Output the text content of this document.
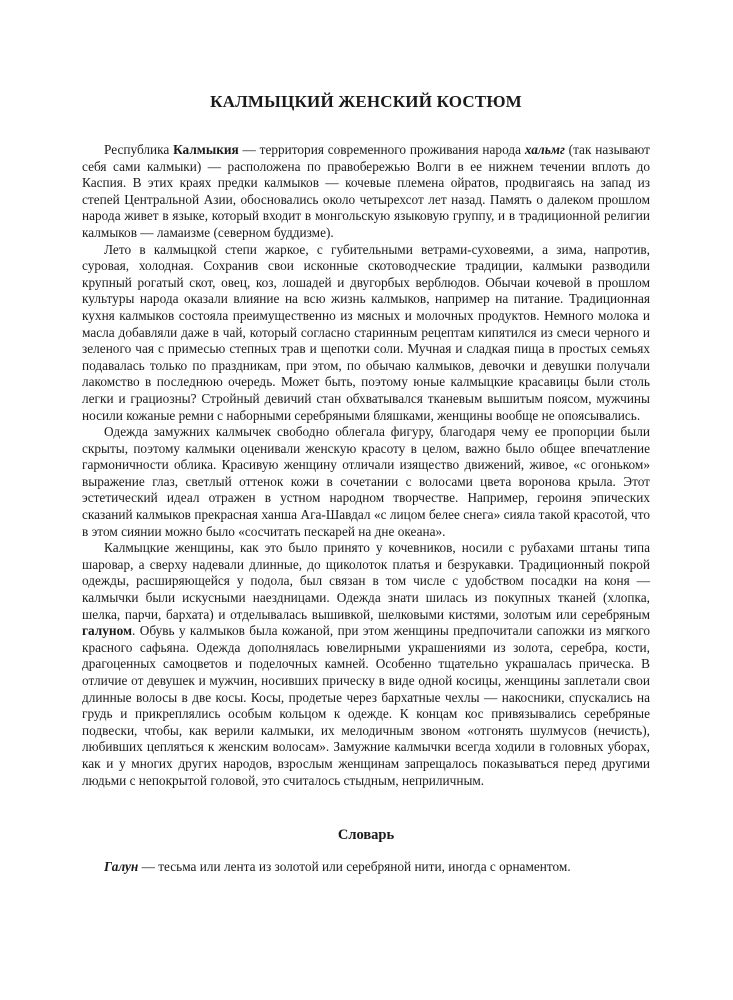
КАЛМЫЦКИЙ ЖЕНСКИЙ КОСТЮМ

Республика Калмыкия — территория современного проживания народа хальмг (так называют себя сами калмыки) — расположена по правобережью Волги в ее нижнем течении вплоть до Каспия. В этих краях предки калмыков — кочевые племена ойратов, продвигаясь на запад из степей Центральной Азии, обосновались около четырехсот лет назад. Память о далеком прошлом народа живет в языке, который входит в монгольскую языковую группу, и в традиционной религии калмыков — ламаизме (северном буддизме).

Лето в калмыцкой степи жаркое, с губительными ветрами-суховеями, а зима, напротив, суровая, холодная. Сохранив свои исконные скотоводческие традиции, калмыки разводили крупный рогатый скот, овец, коз, лошадей и двугорбых верблюдов. Обычаи кочевой в прошлом культуры народа оказали влияние на всю жизнь калмыков, например на питание. Традиционная кухня калмыков состояла преимущественно из мясных и молочных продуктов. Немного молока и масла добавляли даже в чай, который согласно старинным рецептам кипятился из смеси черного и зеленого чая с примесью степных трав и щепотки соли. Мучная и сладкая пища в простых семьях подавалась только по праздникам, при этом, по обычаю калмыков, девочки и девушки получали лакомство в последнюю очередь. Может быть, поэтому юные калмыцкие красавицы были столь легки и грациозны? Стройный девичий стан обхватывался тканевым вышитым поясом, мужчины носили кожаные ремни с наборными серебряными бляшками, женщины вообще не опоясывались.

Одежда замужних калмычек свободно облегала фигуру, благодаря чему ее пропорции были скрыты, поэтому калмыки оценивали женскую красоту в целом, важно было общее впечатление гармоничности облика. Красивую женщину отличали изящество движений, живое, «с огоньком» выражение глаз, светлый оттенок кожи в сочетании с волосами цвета воронова крыла. Этот эстетический идеал отражен в устном народном творчестве. Например, героиня эпических сказаний калмыков прекрасная ханша Ага-Шавдал «с лицом белее снега» сияла такой красотой, что в этом сиянии можно было «сосчитать пескарей на дне океана».

Калмыцкие женщины, как это было принято у кочевников, носили с рубахами штаны типа шаровар, а сверху надевали длинные, до щиколоток платья и безрукавки. Традиционный покрой одежды, расширяющейся у подола, был связан в том числе с удобством посадки на коня — калмычки были искусными наездницами. Одежда знати шилась из покупных тканей (хлопка, шелка, парчи, бархата) и отделывалась вышивкой, шелковыми кистями, золотым или серебряным галуном. Обувь у калмыков была кожаной, при этом женщины предпочитали сапожки из мягкого красного сафьяна. Одежда дополнялась ювелирными украшениями из золота, серебра, кости, драгоценных самоцветов и поделочных камней. Особенно тщательно украшалась прическа. В отличие от девушек и мужчин, носивших прическу в виде одной косицы, женщины заплетали свои длинные волосы в две косы. Косы, продетые через бархатные чехлы — накосники, спускались на грудь и прикреплялись особым кольцом к одежде. К концам кос привязывались серебряные подвески, чтобы, как верили калмыки, их мелодичным звоном «отгонять шулмусов (нечисть), любивших цепляться к женским волосам». Замужние калмычки всегда ходили в головных уборах, как и у многих других народов, взрослым женщинам запрещалось показываться перед другими людьми с непокрытой головой, это считалось стыдным, неприличным.

Словарь

Галун — тесьма или лента из золотой или серебряной нити, иногда с орнаментом.
